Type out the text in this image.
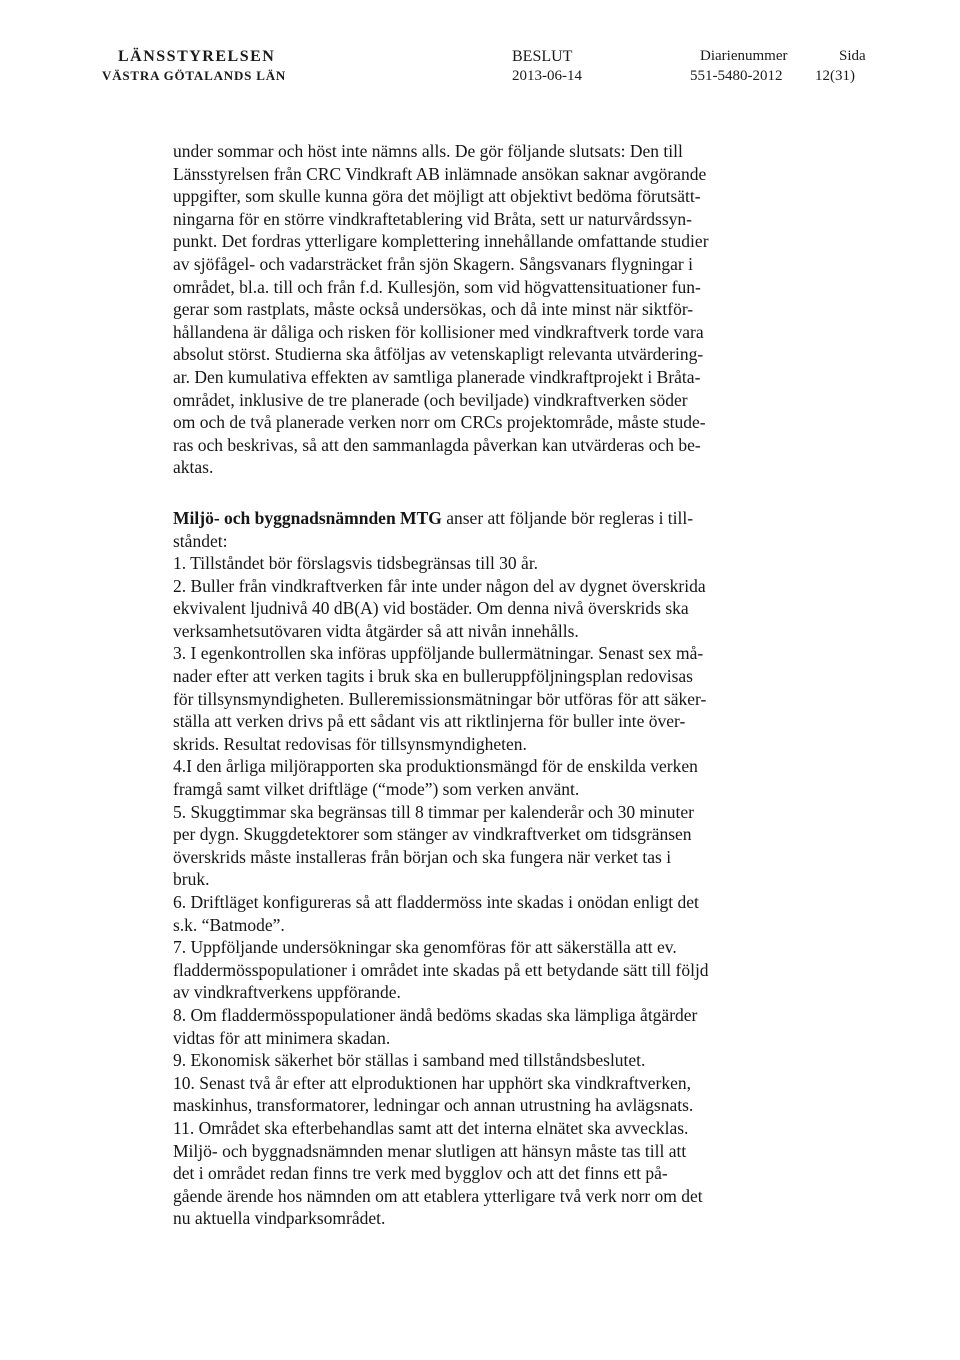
LÄNSSTYRELSEN
VÄSTRA GÖTALANDS LÄN
BESLUT
2013-06-14
Diarienummer
551-5480-2012
Sida
12(31)
under sommar och höst inte nämns alls. De gör följande slutsats: Den till
Länsstyrelsen från CRC Vindkraft AB inlämnade ansökan saknar avgörande
uppgifter, som skulle kunna göra det möjligt att objektivt bedöma förutsätt-
ningarna för en större vindkraftetablering vid Bråta, sett ur naturvårdssyn-
punkt. Det fordras ytterligare komplettering innehållande omfattande studier
av sjöfågel- och vadarsträcket från sjön Skagern. Sångsvanars flygningar i
området, bl.a. till och från f.d. Kullesjön, som vid högvattensituationer fun-
gerar som rastplats, måste också undersökas, och då inte minst när siktför-
hållandena är dåliga och risken för kollisioner med vindkraftverk torde vara
absolut störst. Studierna ska åtföljas av vetenskapligt relevanta utvärdering-
ar. Den kumulativa effekten av samtliga planerade vindkraftprojekt i Bråta-
området, inklusive de tre planerade (och beviljade) vindkraftverken söder
om och de två planerade verken norr om CRCs projektområde, måste stude-
ras och beskrivas, så att den sammanlagda påverkan kan utvärderas och be-
aktas.
Miljö- och byggnadsnämnden MTG anser att följande bör regleras i till-
ståndet:
1. Tillståndet bör förslagsvis tidsbegränsas till 30 år.
2. Buller från vindkraftverken får inte under någon del av dygnet överskrida
ekvivalent ljudnivå 40 dB(A) vid bostäder. Om denna nivå överskrids ska
verksamhetsutövaren vidta åtgärder så att nivån innehålls.
3. I egenkontrollen ska införas uppföljande bullermätningar. Senast sex må-
nader efter att verken tagits i bruk ska en bulleruppföljningsplan redovisas
för tillsynsmyndigheten. Bulleremissionsmätningar bör utföras för att säker-
ställa att verken drivs på ett sådant vis att riktlinjerna för buller inte över-
skrids. Resultat redovisas för tillsynsmyndigheten.
4.I den årliga miljörapporten ska produktionsmängd för de enskilda verken
framgå samt vilket driftläge (“mode”) som verken använt.
5. Skuggtimmar ska begränsas till 8 timmar per kalenderår och 30 minuter
per dygn. Skuggdetektorer som stänger av vindkraftverket om tidsgränsen
överskrids måste installeras från början och ska fungera när verket tas i
bruk.
6. Driftläget konfigureras så att fladdermöss inte skadas i onödan enligt det
s.k. “Batmode”.
7. Uppföljande undersökningar ska genomföras för att säkerställa att ev.
fladdermösspopulationer i området inte skadas på ett betydande sätt till följd
av vindkraftverkens uppförande.
8. Om fladdermösspopulationer ändå bedöms skadas ska lämpliga åtgärder
vidtas för att minimera skadan.
9. Ekonomisk säkerhet bör ställas i samband med tillståndsbeslutet.
10. Senast två år efter att elproduktionen har upphört ska vindkraftverken,
maskinhus, transformatorer, ledningar och annan utrustning ha avlägsnats.
11. Området ska efterbehandlas samt att det interna elnätet ska avvecklas.
Miljö- och byggnadsnämnden menar slutligen att hänsyn måste tas till att
det i området redan finns tre verk med bygglov och att det finns ett på-
gående ärende hos nämnden om att etablera ytterligare två verk norr om det
nu aktuella vindparksområdet.
